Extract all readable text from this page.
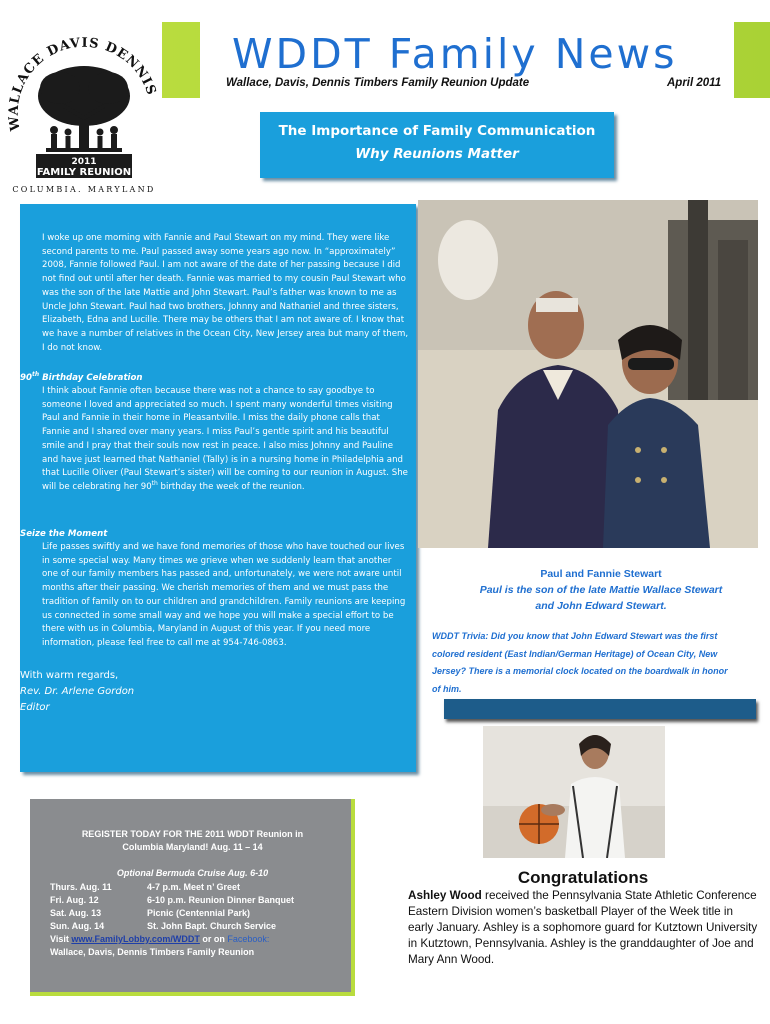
WALLACE DAVIS DENNIS
2011
FAMILY REUNION
COLUMBIA. MARYLAND
WDDT Family News
Wallace, Davis, Dennis Timbers Family Reunion Update	April 2011
The Importance of Family Communication
Why Reunions Matter
I woke up one morning with Fannie and Paul Stewart on my mind. They were like second parents to me. Paul passed away some years ago now. In “approximately” 2008, Fannie followed Paul. I am not aware of the date of her passing because I did not find out until after her death. Fannie was married to my cousin Paul Stewart who was the son of the late Mattie and John Stewart. Paul’s father was known to me as Uncle John Stewart. Paul had two brothers, Johnny and Nathaniel and three sisters, Elizabeth, Edna and Lucille. There may be others that I am not aware of. I know that we have a number of relatives in the Ocean City, New Jersey area but many of them, I do not know.
90th Birthday Celebration
I think about Fannie often because there was not a chance to say goodbye to someone I loved and appreciated so much. I spent many wonderful times visiting Paul and Fannie in their home in Pleasantville. I miss the daily phone calls that Fannie and I shared over many years. I miss Paul’s gentle spirit and his beautiful smile and I pray that their souls now rest in peace. I also miss Johnny and Pauline and have just learned that Nathaniel (Tally) is in a nursing home in Philadelphia and that Lucille Oliver (Paul Stewart’s sister) will be coming to our reunion in August. She will be celebrating her 90th birthday the week of the reunion.
Seize the Moment
Life passes swiftly and we have fond memories of those who have touched our lives in some special way. Many times we grieve when we suddenly learn that another one of our family members has passed and, unfortunately, we were not aware until months after their passing. We cherish memories of them and we must pass the tradition of family on to our children and grandchildren. Family reunions are keeping us connected in some small way and we hope you will make a special effort to be there with us in Columbia, Maryland in August of this year. If you need more information, please feel free to call me at 954-746-0863.
With warm regards,
Rev. Dr. Arlene Gordon
Editor
Paul and Fannie Stewart
Paul is the son of the late Mattie Wallace Stewart
and John Edward Stewart.
WDDT Trivia: Did you know that John Edward Stewart was the first colored resident (East Indian/German Heritage) of Ocean City, New Jersey? There is a memorial clock located on the boardwalk in honor of him.
Congratulations
Ashley Wood received the Pennsylvania State Athletic Conference Eastern Division women’s basketball Player of the Week title in early January. Ashley is a sophomore guard for Kutztown University in Kutztown, Pennsylvania. Ashley is the granddaughter of Joe and Mary Ann Wood.
REGISTER TODAY FOR THE 2011 WDDT Reunion in
Columbia Maryland! Aug. 11 – 14
Optional Bermuda Cruise Aug. 6-10
Thurs. Aug. 11	4-7 p.m. Meet n’ Greet
Fri. Aug. 12	6-10 p.m. Reunion Dinner Banquet
Sat. Aug. 13	Picnic (Centennial Park)
Sun. Aug. 14	St. John Bapt. Church Service
Visit www.FamilyLobby.com/WDDT or on Facebook:
Wallace, Davis, Dennis Timbers Family Reunion
